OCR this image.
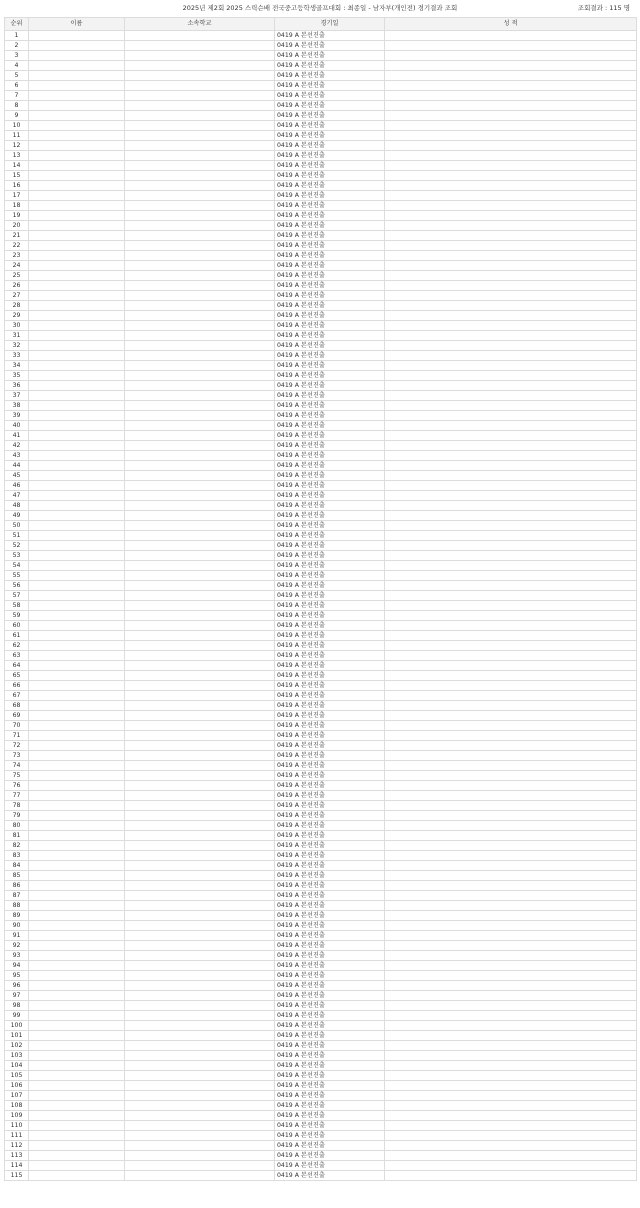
2025년 제2회 2025 스릭슨배 전국중고등학생골프대회 : 최종일 - 남자부(개인전) 경기결과 조회	조회결과 : 115 명
순위	이름	소속학교	경기일	성 적
1			0419 A 본선진출	
2			0419 A 본선진출	
3			0419 A 본선진출	
4			0419 A 본선진출	
5			0419 A 본선진출	
6			0419 A 본선진출	
7			0419 A 본선진출	
8			0419 A 본선진출	
9			0419 A 본선진출	
10			0419 A 본선진출	
11			0419 A 본선진출	
12			0419 A 본선진출	
13			0419 A 본선진출	
14			0419 A 본선진출	
15			0419 A 본선진출	
16			0419 A 본선진출	
17			0419 A 본선진출	
18			0419 A 본선진출	
19			0419 A 본선진출	
20			0419 A 본선진출	
21			0419 A 본선진출	
22			0419 A 본선진출	
23			0419 A 본선진출	
24			0419 A 본선진출	
25			0419 A 본선진출	
26			0419 A 본선진출	
27			0419 A 본선진출	
28			0419 A 본선진출	
29			0419 A 본선진출	
30			0419 A 본선진출	
31			0419 A 본선진출	
32			0419 A 본선진출	
33			0419 A 본선진출	
34			0419 A 본선진출	
35			0419 A 본선진출	
36			0419 A 본선진출	
37			0419 A 본선진출	
38			0419 A 본선진출	
39			0419 A 본선진출	
40			0419 A 본선진출	
41			0419 A 본선진출	
42			0419 A 본선진출	
43			0419 A 본선진출	
44			0419 A 본선진출	
45			0419 A 본선진출	
46			0419 A 본선진출	
47			0419 A 본선진출	
48			0419 A 본선진출	
49			0419 A 본선진출	
50			0419 A 본선진출	
51			0419 A 본선진출	
52			0419 A 본선진출	
53			0419 A 본선진출	
54			0419 A 본선진출	
55			0419 A 본선진출	
56			0419 A 본선진출	
57			0419 A 본선진출	
58			0419 A 본선진출	
59			0419 A 본선진출	
60			0419 A 본선진출	
61			0419 A 본선진출	
62			0419 A 본선진출	
63			0419 A 본선진출	
64			0419 A 본선진출	
65			0419 A 본선진출	
66			0419 A 본선진출	
67			0419 A 본선진출	
68			0419 A 본선진출	
69			0419 A 본선진출	
70			0419 A 본선진출	
71			0419 A 본선진출	
72			0419 A 본선진출	
73			0419 A 본선진출	
74			0419 A 본선진출	
75			0419 A 본선진출	
76			0419 A 본선진출	
77			0419 A 본선진출	
78			0419 A 본선진출	
79			0419 A 본선진출	
80			0419 A 본선진출	
81			0419 A 본선진출	
82			0419 A 본선진출	
83			0419 A 본선진출	
84			0419 A 본선진출	
85			0419 A 본선진출	
86			0419 A 본선진출	
87			0419 A 본선진출	
88			0419 A 본선진출	
89			0419 A 본선진출	
90			0419 A 본선진출	
91			0419 A 본선진출	
92			0419 A 본선진출	
93			0419 A 본선진출	
94			0419 A 본선진출	
95			0419 A 본선진출	
96			0419 A 본선진출	
97			0419 A 본선진출	
98			0419 A 본선진출	
99			0419 A 본선진출	
100			0419 A 본선진출	
101			0419 A 본선진출	
102			0419 A 본선진출	
103			0419 A 본선진출	
104			0419 A 본선진출	
105			0419 A 본선진출	
106			0419 A 본선진출	
107			0419 A 본선진출	
108			0419 A 본선진출	
109			0419 A 본선진출	
110			0419 A 본선진출	
111			0419 A 본선진출	
112			0419 A 본선진출	
113			0419 A 본선진출	
114			0419 A 본선진출	
115			0419 A 본선진출	
